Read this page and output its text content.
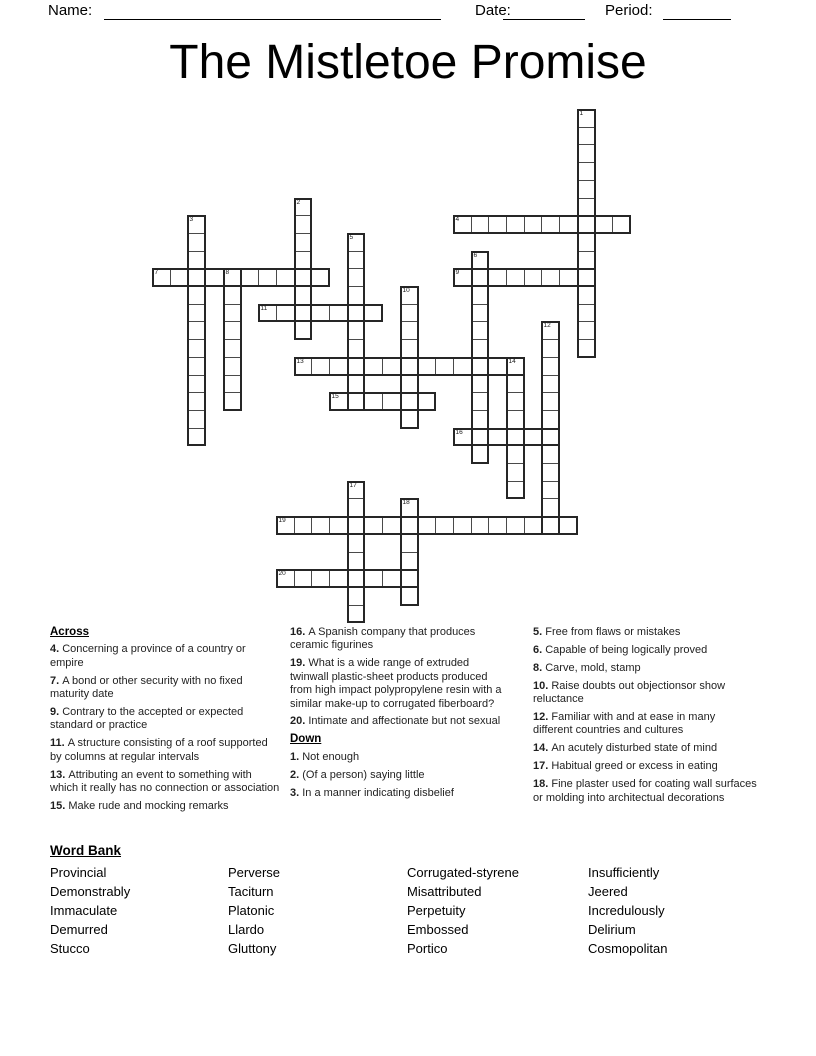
Name:	Date:	Period:
The Mistletoe Promise
1
2
3	4
5
6
7	8	9
10
11
12
13	14
15
16
17
18
19
20
Across

4. Concerning a province of a country or empire

7. A bond or other security with no fixed maturity date

9. Contrary to the accepted or expected standard or practice

11. A structure consisting of a roof supported by columns at regular intervals

13. Attributing an event to something with which it really has no connection or association

15. Make rude and mocking remarks

16. A Spanish company that produces ceramic figurines

19. What is a wide range of extruded twinwall plastic-sheet products produced from high impact polypropylene resin with a similar make-up to corrugated fiberboard?

20. Intimate and affectionate but not sexual

Down

1. Not enough

2. (Of a person) saying little

3. In a manner indicating disbelief

5. Free from flaws or mistakes

6. Capable of being logically proved

8. Carve, mold, stamp

10. Raise doubts out objectionsor show reluctance

12. Familiar with and at ease in many different countries and cultures

14. An acutely disturbed state of mind

17. Habitual greed or excess in eating

18. Fine plaster used for coating wall surfaces or molding into architectual decorations

Word Bank
Provincial
Demonstrably
Immaculate
Demurred
Stucco
Perverse
Taciturn
Platonic
Llardo
Gluttony
Corrugated-styrene
Misattributed
Perpetuity
Embossed
Portico
Insufficiently
Jeered
Incredulously
Delirium
Cosmopolitan
